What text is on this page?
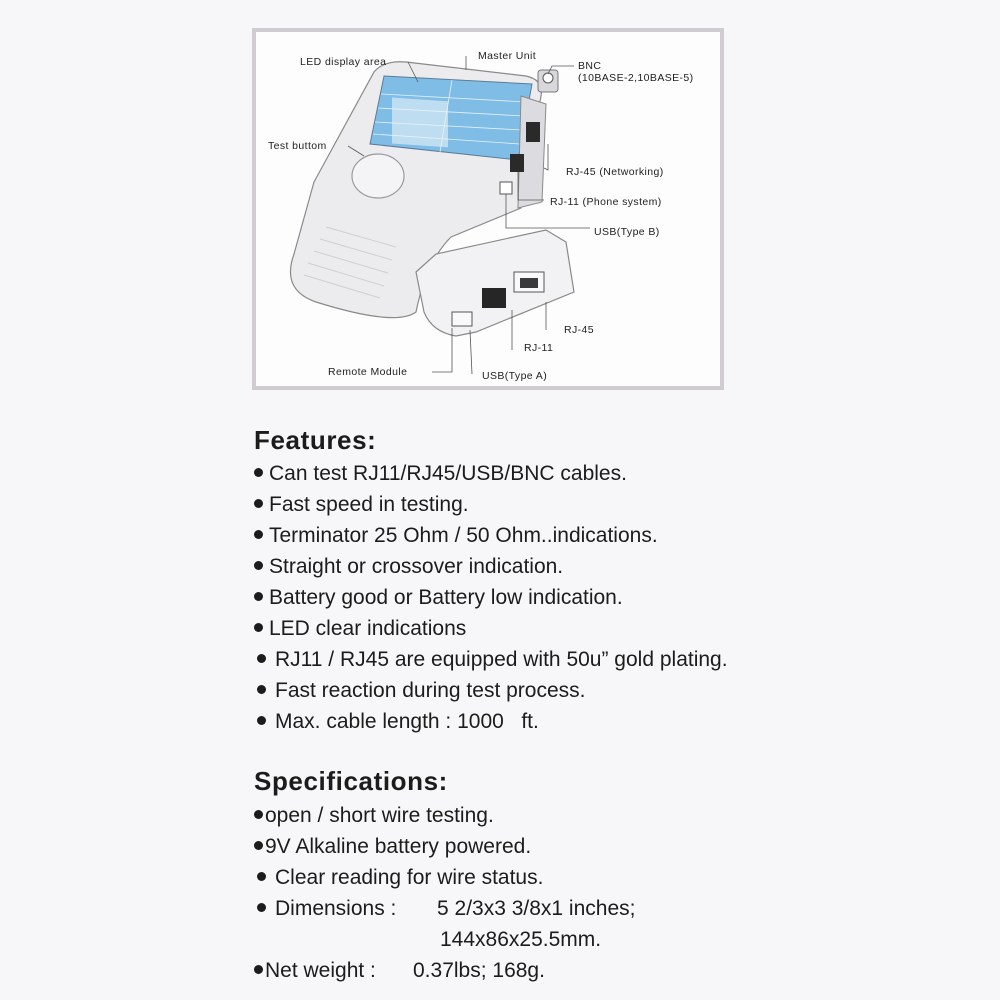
LED display area	Master Unit
BNC
(10BASE-2,10BASE-5)
Test buttom
RJ-45 (Networking)
RJ-11 (Phone system)
USB(Type B)
RJ-45
RJ-11
Remote Module	USB(Type A)
Features:
Can test RJ11/RJ45/USB/BNC cables.
Fast speed in testing.
Terminator 25 Ohm / 50 Ohm..indications.
Straight or crossover indication.
Battery good or Battery low indication.
LED clear indications
RJ11 / RJ45 are equipped with 50u” gold plating.
Fast reaction during test process.
Max. cable length : 1000   ft.
Specifications:
open / short wire testing.
9V Alkaline battery powered.
Clear reading for wire status.
Dimensions : 5 2/3x3 3/8x1 inches;
144x86x25.5mm.
Net weight : 0.37lbs; 168g.
